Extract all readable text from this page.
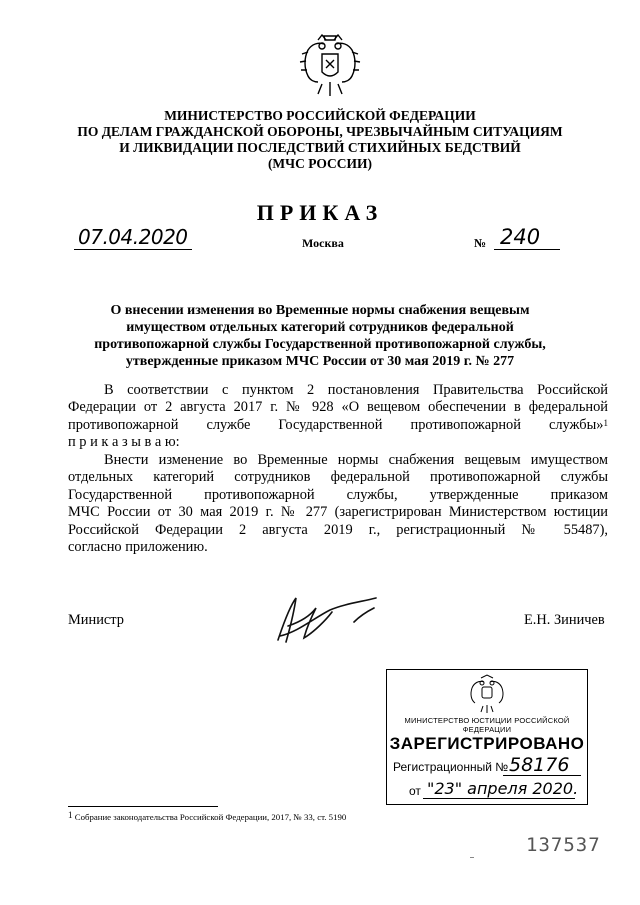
МИНИСТЕРСТВО РОССИЙСКОЙ ФЕДЕРАЦИИ
ПО ДЕЛАМ ГРАЖДАНСКОЙ ОБОРОНЫ, ЧРЕЗВЫЧАЙНЫМ СИТУАЦИЯМ
И ЛИКВИДАЦИИ ПОСЛЕДСТВИЙ СТИХИЙНЫХ БЕДСТВИЙ
(МЧС РОССИИ)
ПРИКАЗ
07.04.2020	Москва	№ 240
О внесении изменения во Временные нормы снабжения вещевым
имуществом отдельных категорий сотрудников федеральной
противопожарной службы Государственной противопожарной службы,
утвержденные приказом МЧС России от 30 мая 2019 г. № 277
В соответствии с пунктом 2 постановления Правительства Российской
Федерации от 2 августа 2017 г. № 928 «О вещевом обеспечении в федеральной
противопожарной службе Государственной противопожарной службы»$^1$
п р и к а з ы в а ю:
Внести изменение во Временные нормы снабжения вещевым имуществом
отдельных категорий сотрудников федеральной противопожарной службы
Государственной противопожарной службы, утвержденные приказом
МЧС России от 30 мая 2019 г. № 277 (зарегистрирован Министерством юстиции
Российской Федерации 2 августа 2019 г., регистрационный № 55487),
согласно приложению.
Министр	Е.Н. Зиничев
МИНИСТЕРСТВО ЮСТИЦИИ РОССИЙСКОЙ ФЕДЕРАЦИИ
ЗАРЕГИСТРИРОВАНО
Регистрационный № 58176
от "23" апреля 2020.
$^1$ Собрание законодательства Российской Федерации, 2017, № 33, ст. 5190
137537
